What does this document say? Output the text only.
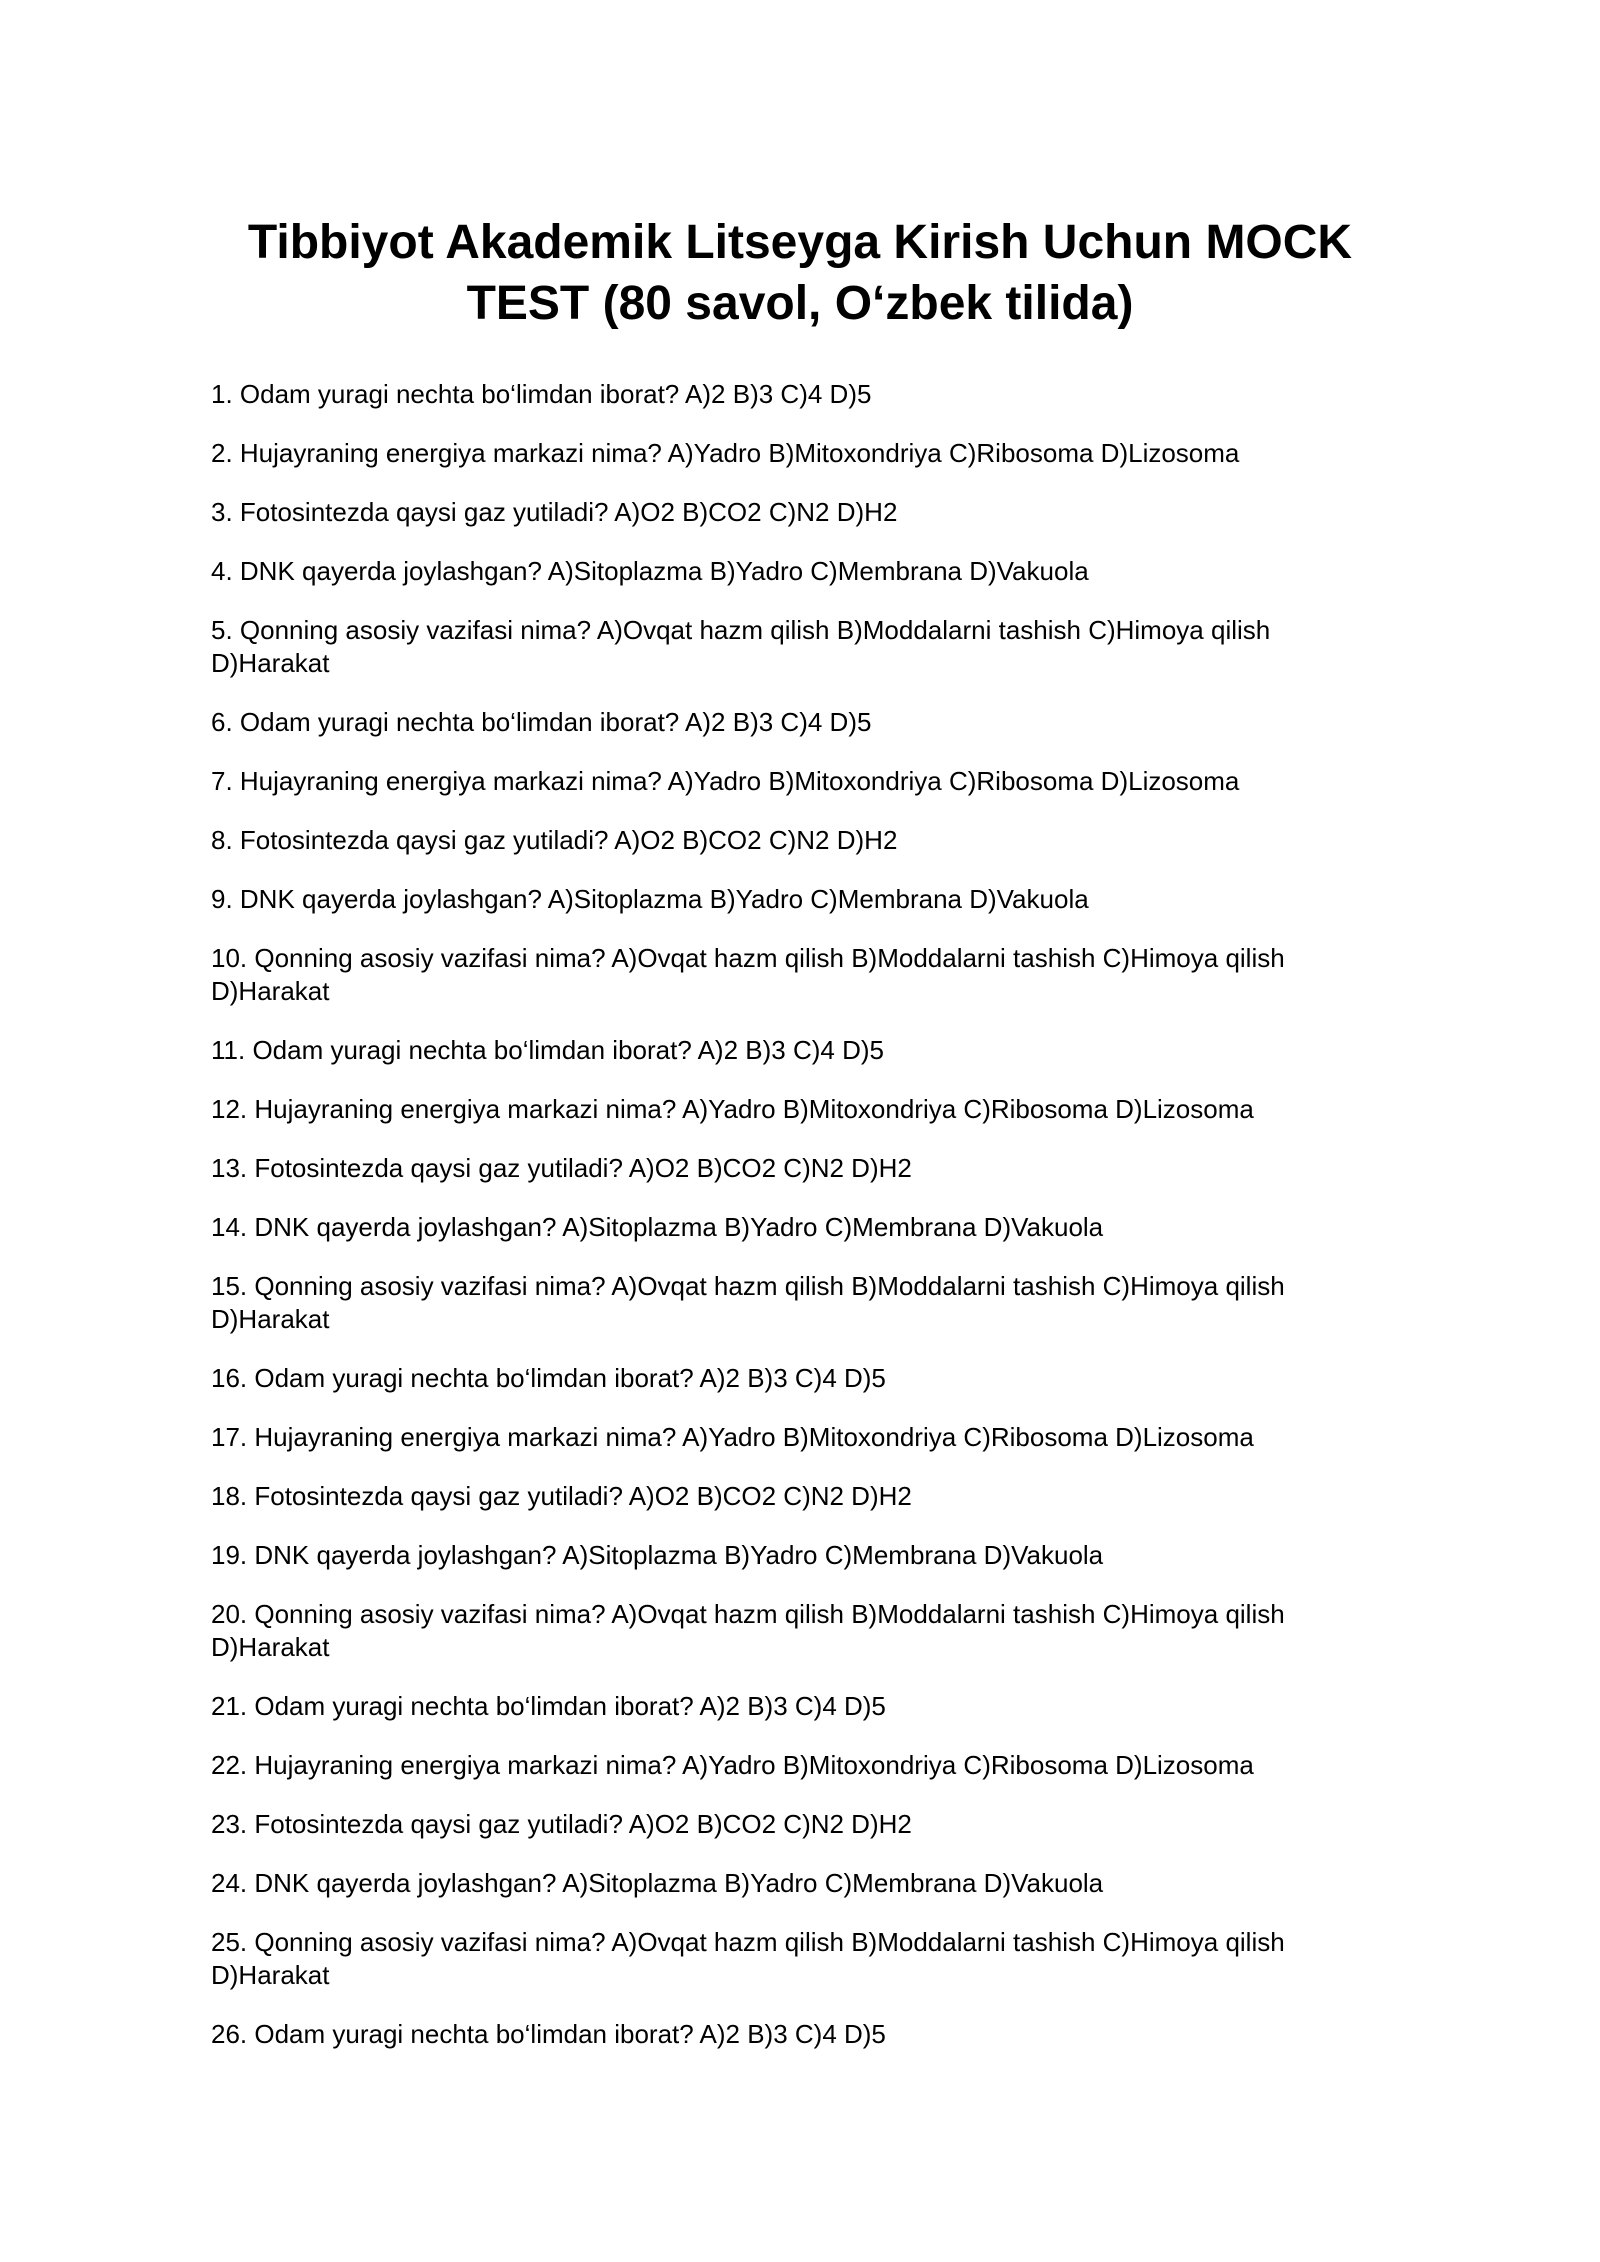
Tibbiyot Akademik Litseyga Kirish Uchun MOCK
TEST (80 savol, O‘zbek tilida)
1. Odam yuragi nechta bo‘limdan iborat? A)2 B)3 C)4 D)5
2. Hujayraning energiya markazi nima? A)Yadro B)Mitoxondriya C)Ribosoma D)Lizosoma
3. Fotosintezda qaysi gaz yutiladi? A)O2 B)CO2 C)N2 D)H2
4. DNK qayerda joylashgan? A)Sitoplazma B)Yadro C)Membrana D)Vakuola
5. Qonning asosiy vazifasi nima? A)Ovqat hazm qilish B)Moddalarni tashish C)Himoya qilish D)Harakat
6. Odam yuragi nechta bo‘limdan iborat? A)2 B)3 C)4 D)5
7. Hujayraning energiya markazi nima? A)Yadro B)Mitoxondriya C)Ribosoma D)Lizosoma
8. Fotosintezda qaysi gaz yutiladi? A)O2 B)CO2 C)N2 D)H2
9. DNK qayerda joylashgan? A)Sitoplazma B)Yadro C)Membrana D)Vakuola
10. Qonning asosiy vazifasi nima? A)Ovqat hazm qilish B)Moddalarni tashish C)Himoya qilish D)Harakat
11. Odam yuragi nechta bo‘limdan iborat? A)2 B)3 C)4 D)5
12. Hujayraning energiya markazi nima? A)Yadro B)Mitoxondriya C)Ribosoma D)Lizosoma
13. Fotosintezda qaysi gaz yutiladi? A)O2 B)CO2 C)N2 D)H2
14. DNK qayerda joylashgan? A)Sitoplazma B)Yadro C)Membrana D)Vakuola
15. Qonning asosiy vazifasi nima? A)Ovqat hazm qilish B)Moddalarni tashish C)Himoya qilish D)Harakat
16. Odam yuragi nechta bo‘limdan iborat? A)2 B)3 C)4 D)5
17. Hujayraning energiya markazi nima? A)Yadro B)Mitoxondriya C)Ribosoma D)Lizosoma
18. Fotosintezda qaysi gaz yutiladi? A)O2 B)CO2 C)N2 D)H2
19. DNK qayerda joylashgan? A)Sitoplazma B)Yadro C)Membrana D)Vakuola
20. Qonning asosiy vazifasi nima? A)Ovqat hazm qilish B)Moddalarni tashish C)Himoya qilish D)Harakat
21. Odam yuragi nechta bo‘limdan iborat? A)2 B)3 C)4 D)5
22. Hujayraning energiya markazi nima? A)Yadro B)Mitoxondriya C)Ribosoma D)Lizosoma
23. Fotosintezda qaysi gaz yutiladi? A)O2 B)CO2 C)N2 D)H2
24. DNK qayerda joylashgan? A)Sitoplazma B)Yadro C)Membrana D)Vakuola
25. Qonning asosiy vazifasi nima? A)Ovqat hazm qilish B)Moddalarni tashish C)Himoya qilish D)Harakat
26. Odam yuragi nechta bo‘limdan iborat? A)2 B)3 C)4 D)5
